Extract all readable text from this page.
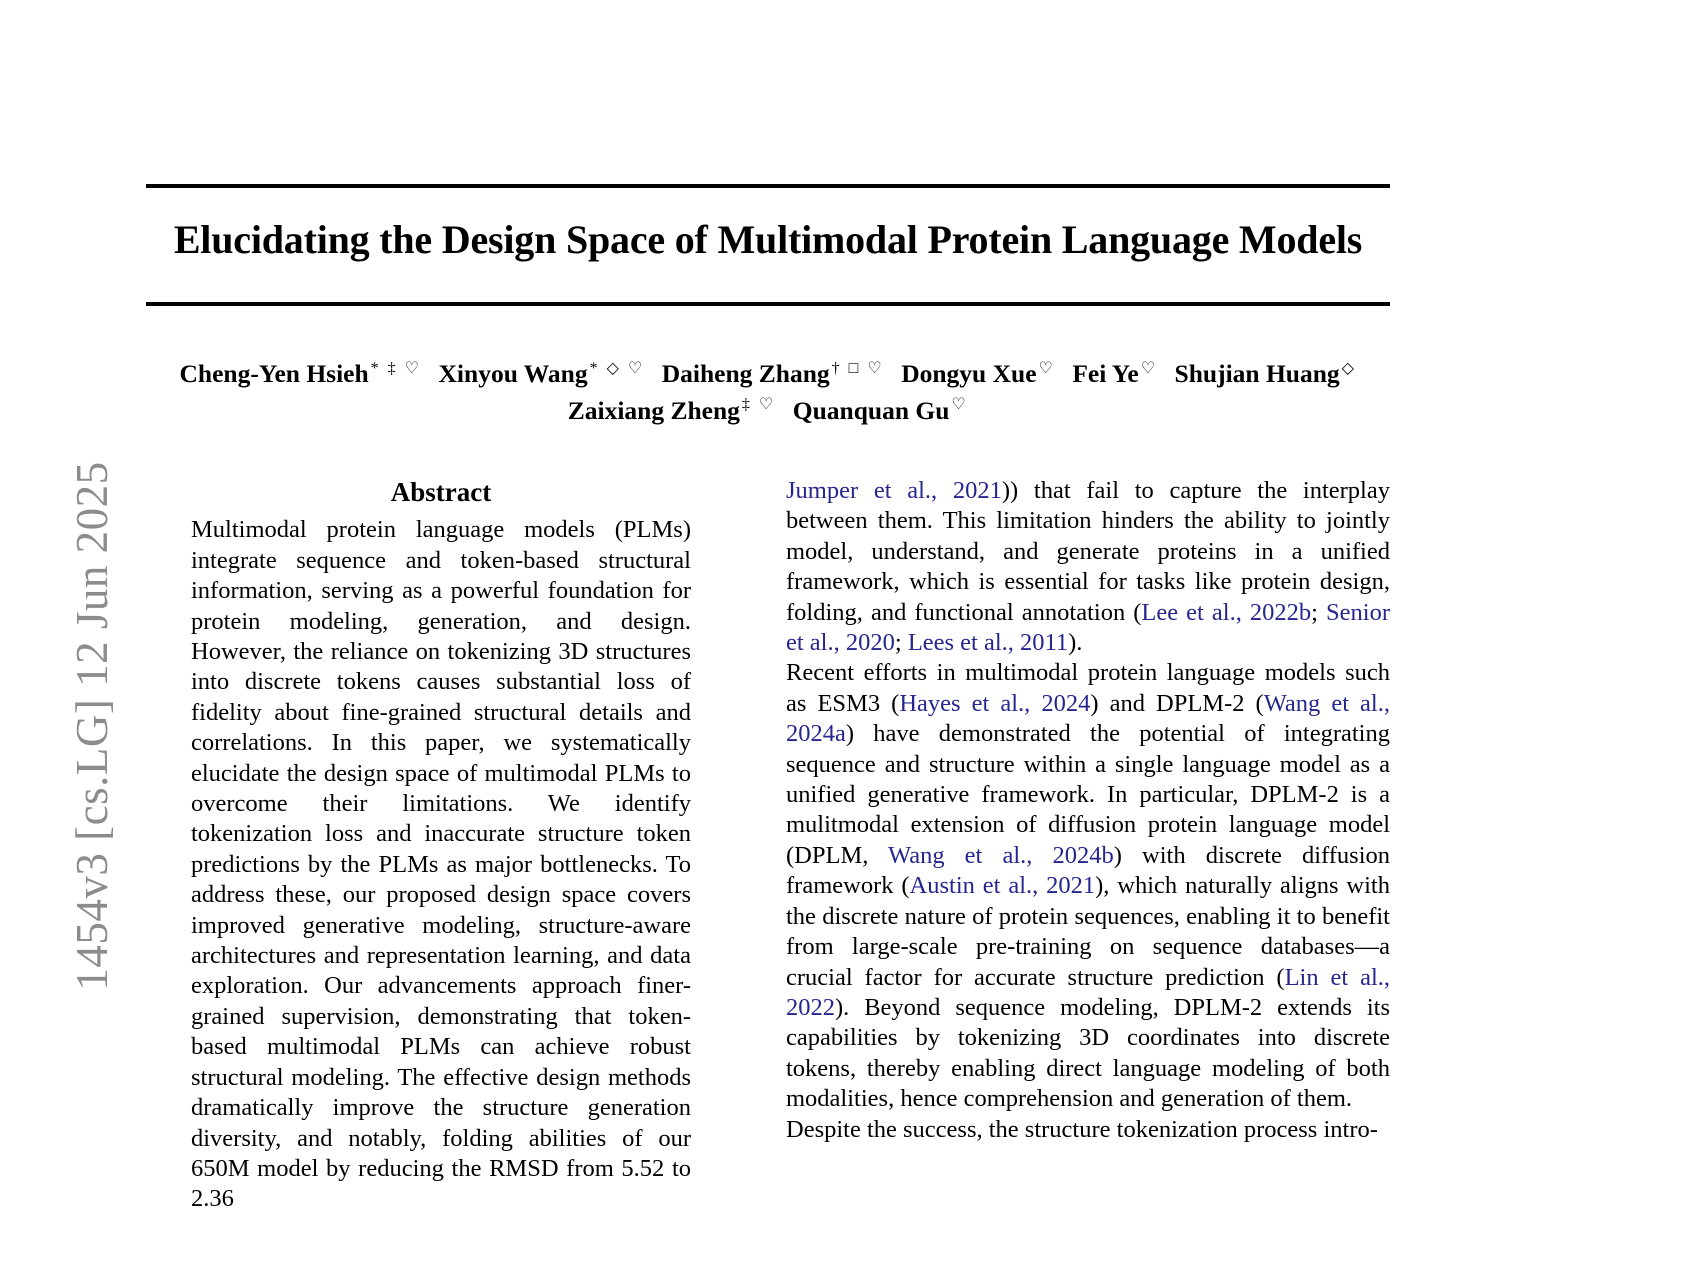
1454v3 [cs.LG] 12 Jun 2025
Elucidating the Design Space of Multimodal Protein Language Models
Cheng-Yen Hsieh * ‡ ♡ Xinyou Wang * ◇ ♡ Daiheng Zhang † □ ♡ Dongyu Xue ♡ Fei Ye ♡ Shujian Huang ◇
Zaixiang Zheng ‡ ♡ Quanquan Gu ♡
Abstract

Multimodal protein language models (PLMs) integrate sequence and token-based structural information, serving as a powerful foundation for protein modeling, generation, and design. However, the reliance on tokenizing 3D structures into discrete tokens causes substantial loss of fidelity about fine-grained structural details and correlations. In this paper, we systematically elucidate the design space of multimodal PLMs to overcome their limitations. We identify tokenization loss and inaccurate structure token predictions by the PLMs as major bottlenecks. To address these, our proposed design space covers improved generative modeling, structure-aware architectures and representation learning, and data exploration. Our advancements approach finer-grained supervision, demonstrating that token-based multimodal PLMs can achieve robust structural modeling. The effective design methods dramatically improve the structure generation diversity, and notably, folding abilities of our 650M model by reducing the RMSD from 5.52 to 2.36

Jumper et al., 2021)) that fail to capture the interplay between them. This limitation hinders the ability to jointly model, understand, and generate proteins in a unified framework, which is essential for tasks like protein design, folding, and functional annotation (Lee et al., 2022b; Senior et al., 2020; Lees et al., 2011).

Recent efforts in multimodal protein language models such as ESM3 (Hayes et al., 2024) and DPLM-2 (Wang et al., 2024a) have demonstrated the potential of integrating sequence and structure within a single language model as a unified generative framework. In particular, DPLM-2 is a mulitmodal extension of diffusion protein language model (DPLM, Wang et al., 2024b) with discrete diffusion framework (Austin et al., 2021), which naturally aligns with the discrete nature of protein sequences, enabling it to benefit from large-scale pre-training on sequence databases—a crucial factor for accurate structure prediction (Lin et al., 2022). Beyond sequence modeling, DPLM-2 extends its capabilities by tokenizing 3D coordinates into discrete tokens, thereby enabling direct language modeling of both modalities, hence comprehension and generation of them.

Despite the success, the structure tokenization process intro-
